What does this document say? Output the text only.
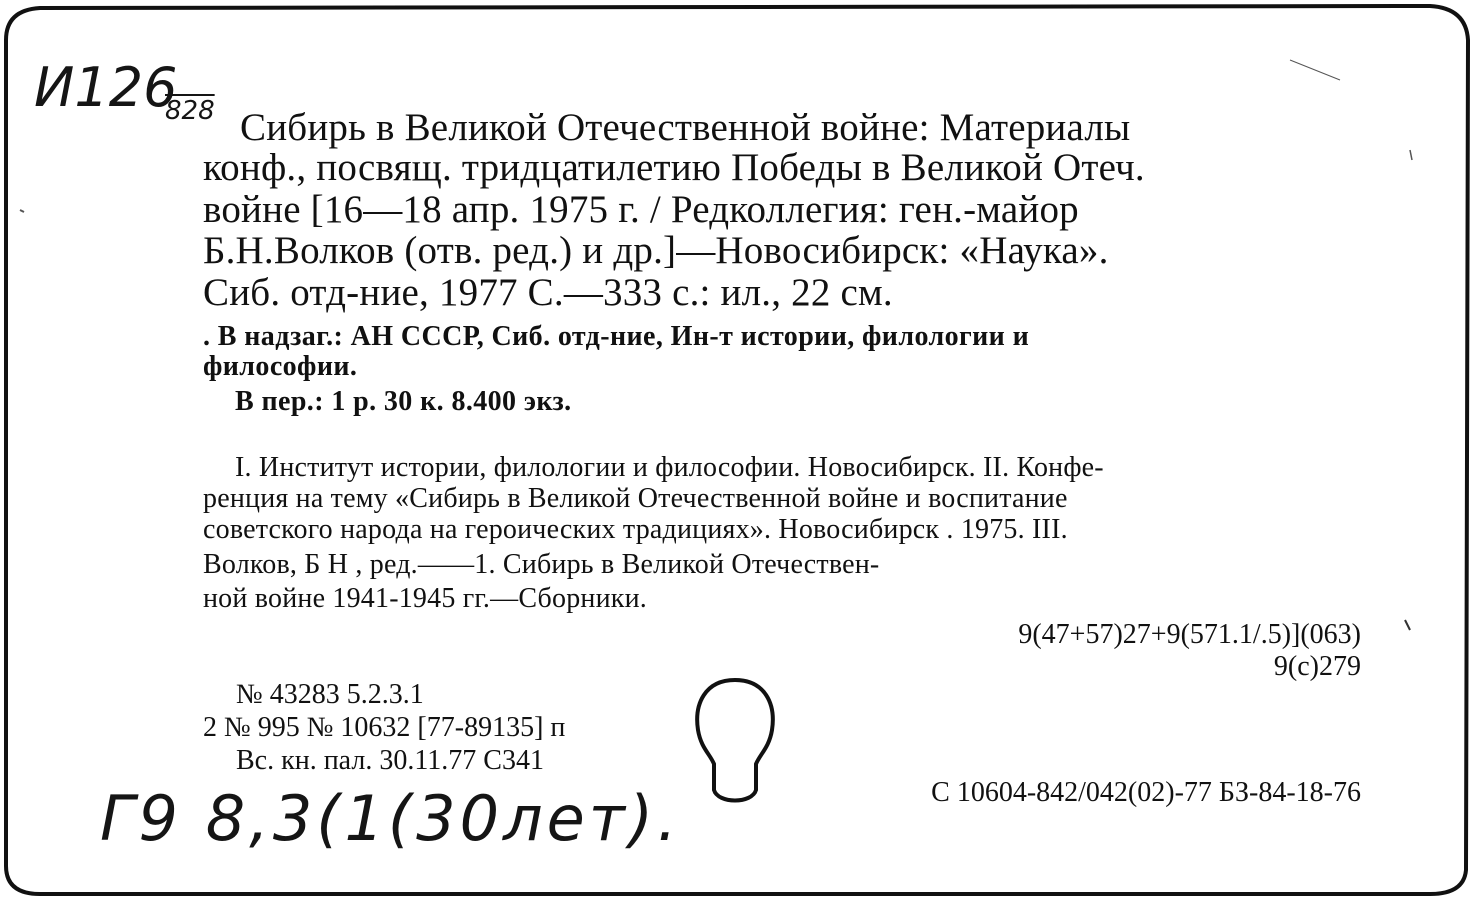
И126
828 Сибирь в Великой Отечественной войне: Материалы
конф., посвящ. тридцатилетию Победы в Великой Отеч.
войне [16—18 апр. 1975 г. / Редколлегия: ген.-майор
Б.Н.Волков (отв. ред.) и др.]—Новосибирск: «Наука».
Сиб. отд-ние, 1977 С.—333 с.: ил., 22 см.
. В надзаг.: АН СССР, Сиб. отд-ние, Ин-т истории, филологии и
философии.
В пер.: 1 р. 30 к. 8.400 экз.
I. Институт истории, филологии и философии. Новосибирск. II. Конфе-
ренция на тему «Сибирь в Великой Отечественной войне и воспитание
советского народа на героических традициях». Новосибирск . 1975. III.
Волков, Б Н , ред.——1. Сибирь в Великой Отечествен-
ной войне 1941-1945 гг.—Сборники.
9(47+57)27+9(571.1/.5)](063)
9(с)279
№ 43283 5.2.3.1
2 № 995 № 10632 [77-89135] п
Вс. кн. пал. 30.11.77 С341
С 10604-842/042(02)-77 БЗ-84-18-76
Г9 8,3(1(30лет).
